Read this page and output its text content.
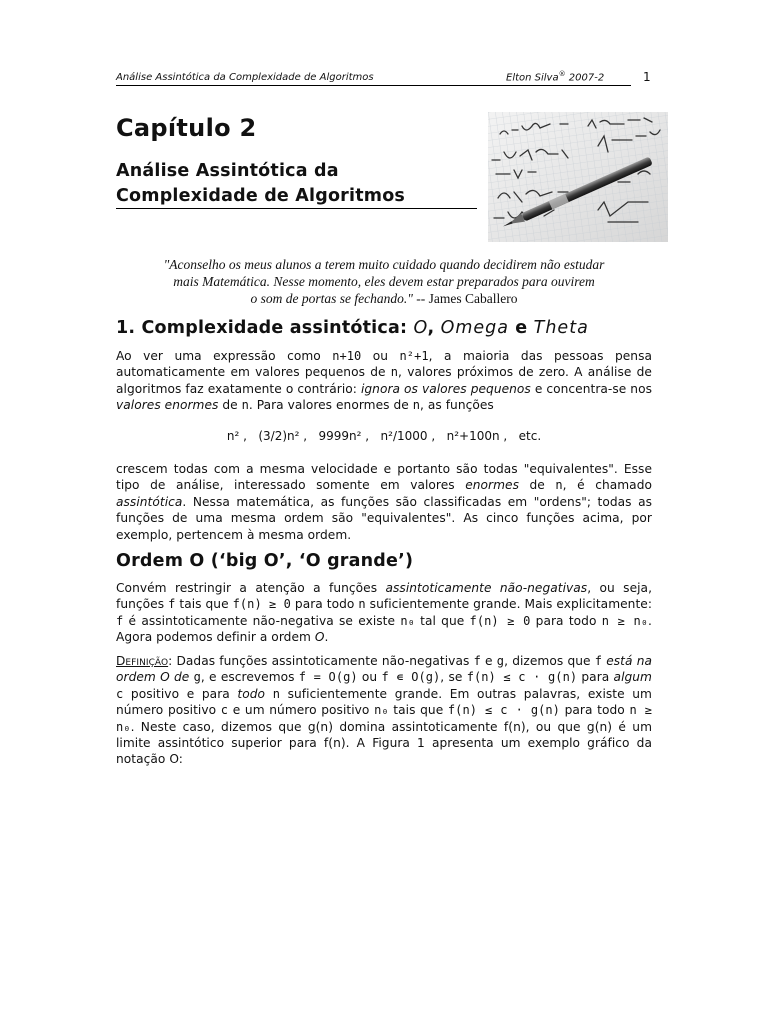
Análise Assintótica da Complexidade de Algoritmos	Elton Silva® 2007-2	1
Capítulo 2
Análise Assintótica da
Complexidade de Algoritmos
"Aconselho os meus alunos a terem muito cuidado quando decidirem não estudar
mais Matemática. Nesse momento, eles devem estar preparados para ouvirem
o som de portas se fechando." -- James Caballero
1. Complexidade assintótica: O, Omega e Theta

Ao ver uma expressão como n+10 ou n²+1, a maioria das pessoas pensa automaticamente em valores pequenos de n, valores próximos de zero. A análise de algoritmos faz exatamente o contrário: ignora os valores pequenos e concentra-se nos valores enormes de n. Para valores enormes de n, as funções

n² ,   (3/2)n² ,   9999n² ,   n²/1000 ,   n²+100n ,   etc.

crescem todas com a mesma velocidade e portanto são todas "equivalentes". Esse tipo de análise, interessado somente em valores enormes de n, é chamado assintótica. Nessa matemática, as funções são classificadas em "ordens"; todas as funções de uma mesma ordem são "equivalentes". As cinco funções acima, por exemplo, pertencem à mesma ordem.

Ordem O (‘big O’, ‘O grande’)

Convém restringir a atenção a funções assintoticamente não-negativas, ou seja, funções f tais que f(n) ≥ 0 para todo n suficientemente grande. Mais explicitamente: f é assintoticamente não-negativa se existe n₀ tal que f(n) ≥ 0 para todo n ≥ n₀. Agora podemos definir a ordem O.

Definição: Dadas funções assintoticamente não-negativas f e g, dizemos que f está na ordem O de g, e escrevemos f = O(g) ou f ∊ O(g), se f(n) ≤ c · g(n) para algum c positivo e para todo n suficientemente grande. Em outras palavras, existe um número positivo c e um número positivo n₀ tais que f(n) ≤ c · g(n) para todo n ≥ n₀. Neste caso, dizemos que g(n) domina assintoticamente f(n), ou que g(n) é um limite assintótico superior para f(n). A Figura 1 apresenta um exemplo gráfico da notação O:
